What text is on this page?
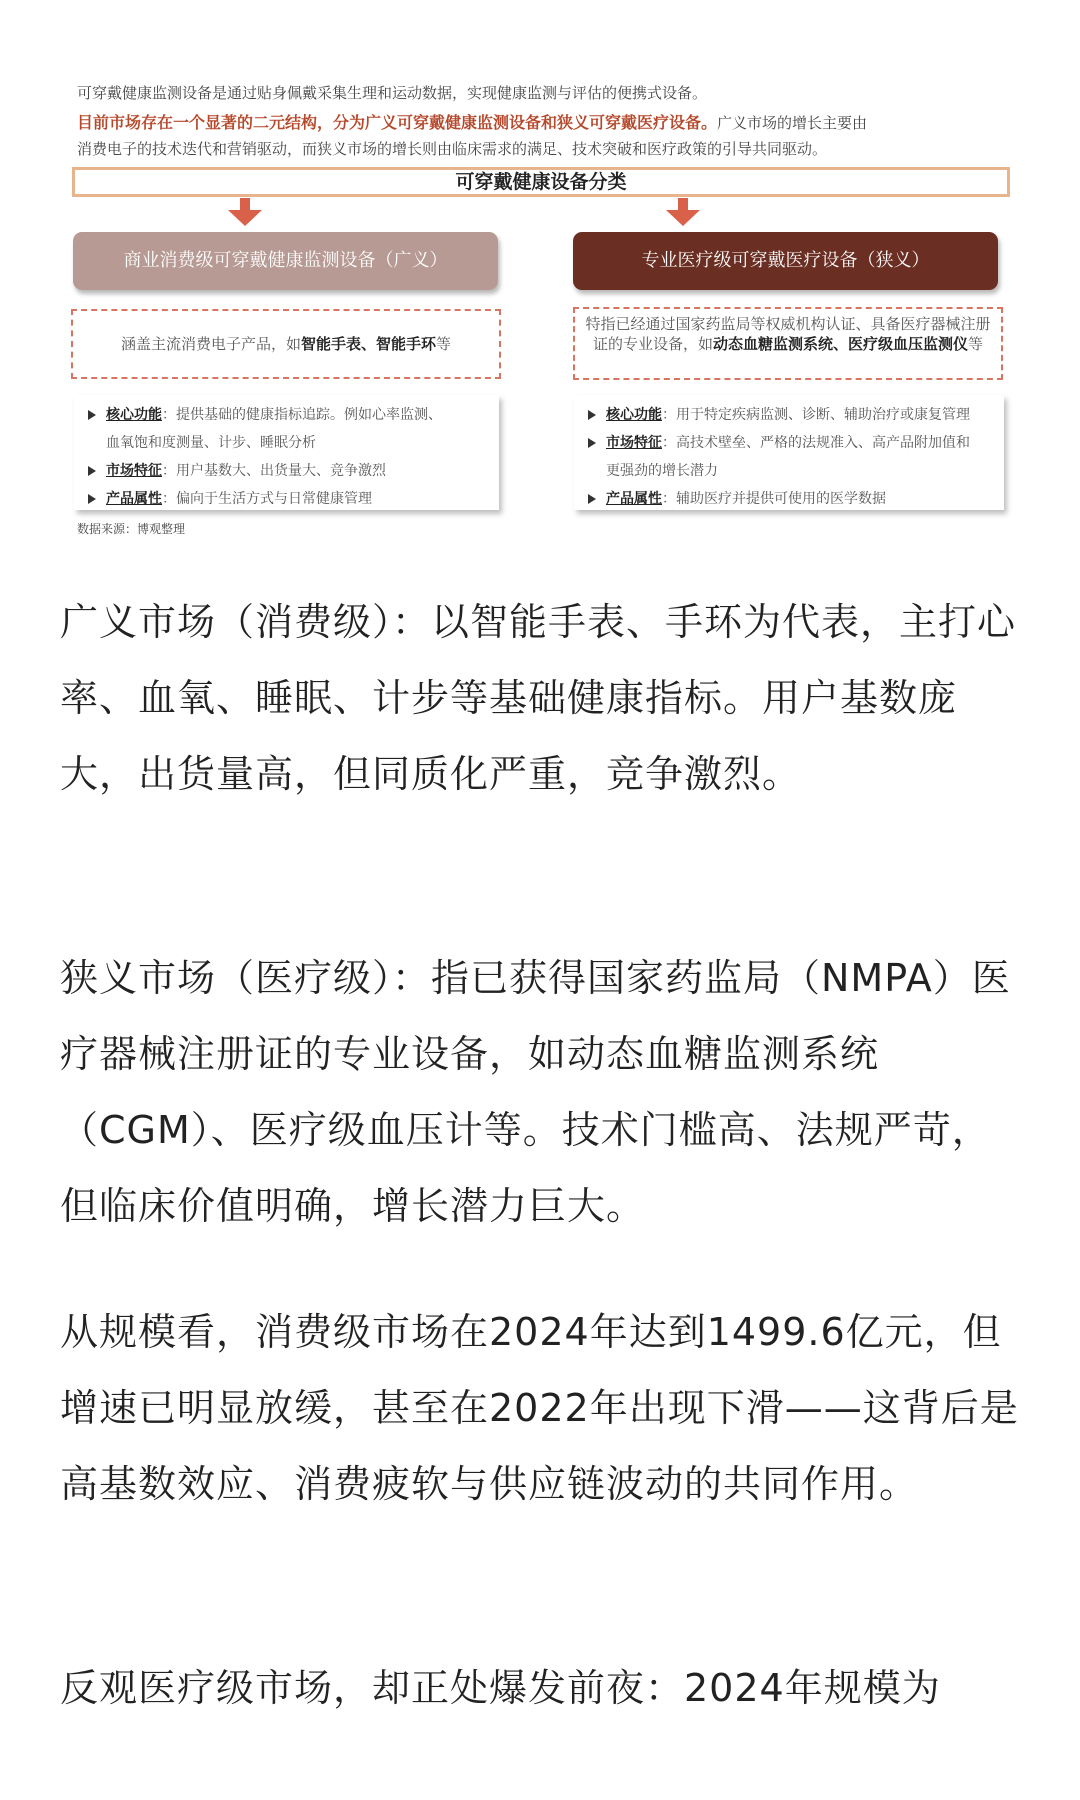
可穿戴健康监测设备是通过贴身佩戴采集生理和运动数据，实现健康监测与评估的便携式设备。
目前市场存在一个显著的二元结构，分为广义可穿戴健康监测设备和狭义可穿戴医疗设备。广义市场的增长主要由
消费电子的技术迭代和营销驱动，而狭义市场的增长则由临床需求的满足、技术突破和医疗政策的引导共同驱动。
可穿戴健康设备分类
商业消费级可穿戴健康监测设备（广义）	专业医疗级可穿戴医疗设备（狭义）
涵盖主流消费电子产品，如智能手表、智能手环等
特指已经通过国家药监局等权威机构认证、具备医疗器械注册证的专业设备，如动态血糖监测系统、医疗级血压监测仪等
核心功能：提供基础的健康指标追踪。例如心率监测、
血氧饱和度测量、计步、睡眠分析
市场特征：用户基数大、出货量大、竞争激烈
产品属性：偏向于生活方式与日常健康管理
核心功能：用于特定疾病监测、诊断、辅助治疗或康复管理
市场特征：高技术壁垒、严格的法规准入、高产品附加值和
更强劲的增长潜力
产品属性：辅助医疗并提供可使用的医学数据
数据来源：博观整理

广义市场（消费级）：以智能手表、手环为代表，主打心率、血氧、睡眠、计步等基础健康指标。用户基数庞大，出货量高，但同质化严重，竞争激烈。

狭义市场（医疗级）：指已获得国家药监局（NMPA）医疗器械注册证的专业设备，如动态血糖监测系统（CGM）、医疗级血压计等。技术门槛高、法规严苛，但临床价值明确，增长潜力巨大。

从规模看，消费级市场在2024年达到1499.6亿元，但增速已明显放缓，甚至在2022年出现下滑——这背后是高基数效应、消费疲软与供应链波动的共同作用。

反观医疗级市场，却正处爆发前夜：2024年规模为
